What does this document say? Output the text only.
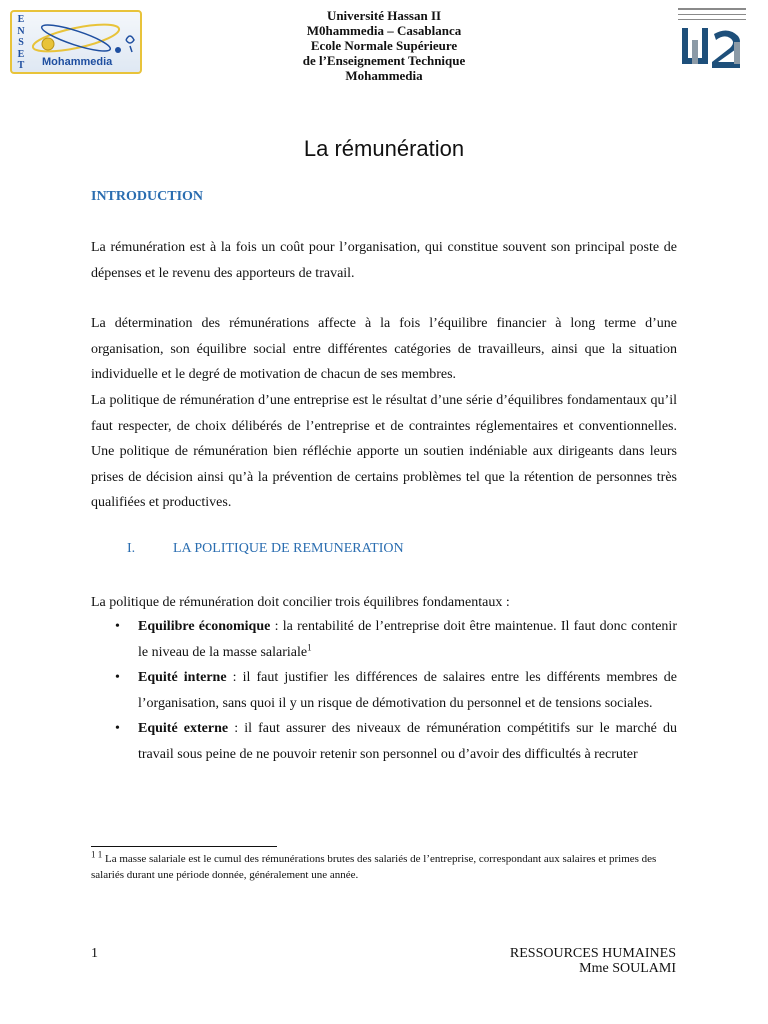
E
N
S
E
T Mohammedia
Université Hassan II
M0hammedia – Casablanca
Ecole Normale Supérieure
de l’Enseignement Technique
Mohammedia
La rémunération
INTRODUCTION
La rémunération est à la fois un coût pour l’organisation, qui constitue souvent son principal poste de dépenses et le revenu des apporteurs de travail.
La détermination des rémunérations affecte à la fois l’équilibre financier à long terme d’une organisation, son équilibre social entre différentes catégories de travailleurs, ainsi que la situation individuelle et le degré de motivation de chacun de ses membres.
La politique de rémunération d’une entreprise est le résultat d’une série d’équilibres fondamentaux qu’il faut respecter, de choix délibérés de l’entreprise et de contraintes réglementaires et conventionnelles. Une politique de rémunération bien réfléchie apporte un soutien indéniable aux dirigeants dans leurs prises de décision ainsi qu’à la prévention de certains problèmes tel que la rétention de personnes très qualifiées et productives.
I.	LA POLITIQUE DE REMUNERATION
La politique de rémunération doit concilier trois équilibres fondamentaux :
• Equilibre économique : la rentabilité de l’entreprise doit être maintenue. Il faut donc contenir le niveau de la masse salariale$^1$
• Equité interne : il faut justifier les différences de salaires entre les différents membres de l’organisation, sans quoi il y un risque de démotivation du personnel et de tensions sociales.
• Equité externe : il faut assurer des niveaux de rémunération compétitifs sur le marché du travail sous peine de ne pouvoir retenir son personnel ou d’avoir des difficultés à recruter
$^{1 1}$ La masse salariale est le cumul des rémunérations brutes des salariés de l’entreprise, correspondant aux salaires et primes des salariés durant une période donnée, généralement une année.
1	RESSOURCES HUMAINES
Mme SOULAMI
